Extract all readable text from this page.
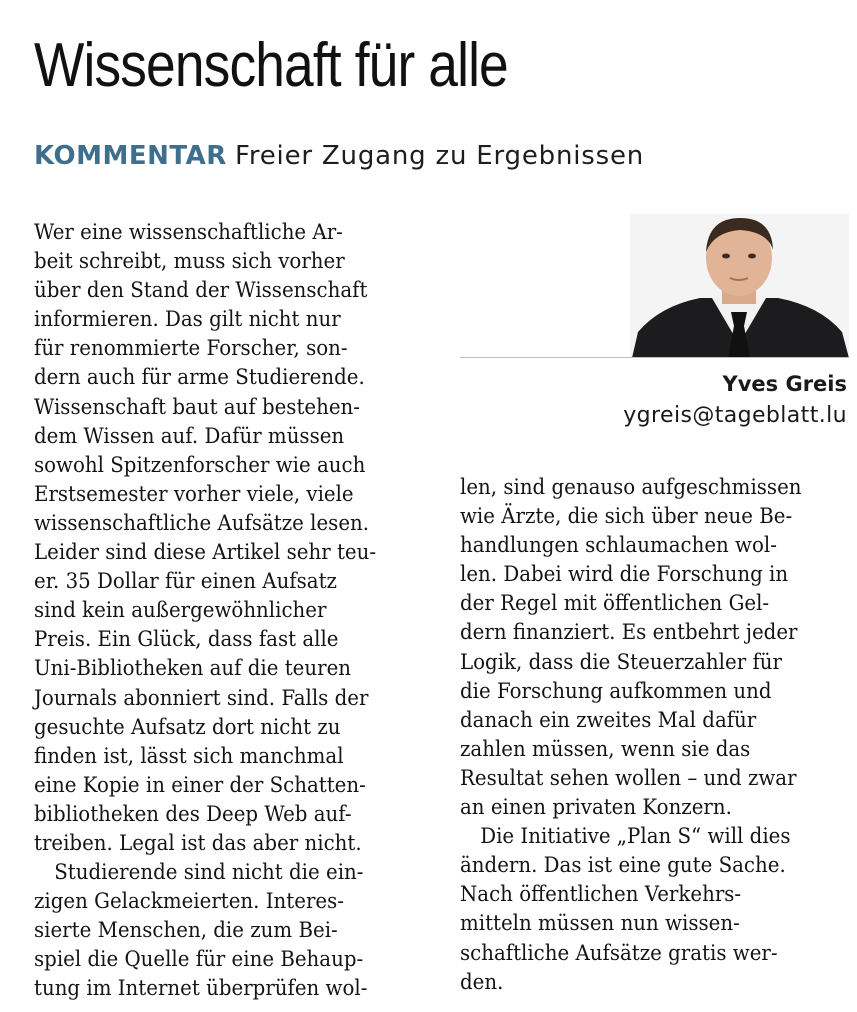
Wissenschaft für alle
KOMMENTAR Freier Zugang zu Ergebnissen
Wer eine wissenschaftliche Ar-
beit schreibt, muss sich vorher
über den Stand der Wissenschaft
informieren. Das gilt nicht nur
für renommierte Forscher, son-
dern auch für arme Studierende.
Wissenschaft baut auf bestehen-
dem Wissen auf. Dafür müssen
sowohl Spitzenforscher wie auch
Erstsemester vorher viele, viele
wissenschaftliche Aufsätze lesen.
Leider sind diese Artikel sehr teu-
er. 35 Dollar für einen Aufsatz
sind kein außergewöhnlicher
Preis. Ein Glück, dass fast alle
Uni-Bibliotheken auf die teuren
Journals abonniert sind. Falls der
gesuchte Aufsatz dort nicht zu
finden ist, lässt sich manchmal
eine Kopie in einer der Schatten-
bibliotheken des Deep Web auf-
treiben. Legal ist das aber nicht.
Studierende sind nicht die ein-
zigen Gelackmeierten. Interes-
sierte Menschen, die zum Bei-
spiel die Quelle für eine Behaup-
tung im Internet überprüfen wol-
len, sind genauso aufgeschmissen
wie Ärzte, die sich über neue Be-
handlungen schlaumachen wol-
len. Dabei wird die Forschung in
der Regel mit öffentlichen Gel-
dern finanziert. Es entbehrt jeder
Logik, dass die Steuerzahler für
die Forschung aufkommen und
danach ein zweites Mal dafür
zahlen müssen, wenn sie das
Resultat sehen wollen – und zwar
an einen privaten Konzern.
Die Initiative „Plan S“ will dies
ändern. Das ist eine gute Sache.
Nach öffentlichen Verkehrs-
mitteln müssen nun wissen-
schaftliche Aufsätze gratis wer-
den.
Yves Greis
ygreis@tageblatt.lu
